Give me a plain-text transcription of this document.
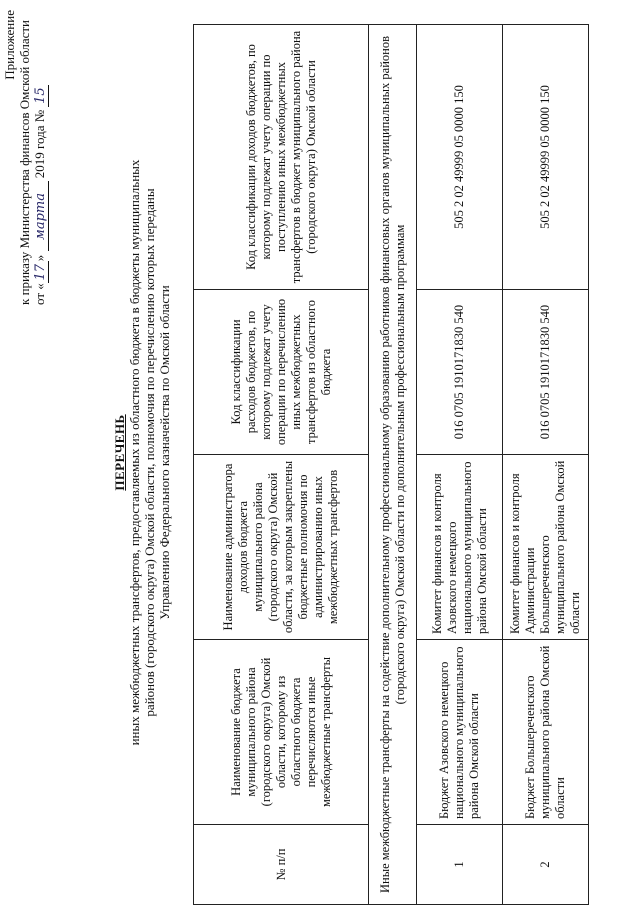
Приложение к приказу Министерства финансов Омской области от «17» марта 2019 года № 15
ПЕРЕЧЕНЬ иных межбюджетных трансфертов, предоставляемых из областного бюджета в бюджеты муниципальных районов (городского округа) Омской области, полномочия по перечислению которых переданы Управлению Федерального казначейства по Омской области
№ п/п	Наименование бюджета муниципального района (городского округа) Омской области, которому из областного бюджета перечисляются иные межбюджетные трансферты	Наименование администратора доходов бюджета муниципального района (городского округа) Омской области, за которым закреплены бюджетные полномочия по администрированию иных межбюджетных трансфертов	Код классификации расходов бюджетов, по которому подлежат учету операции по перечислению иных межбюджетных трансфертов из областного бюджета	Код классификации доходов бюджетов, по которому подлежат учету операции по поступлению иных межбюджетных трансфертов в бюджет муниципального района (городского округа) Омской области
Иные межбюджетные трансферты на содействие дополнительному профессиональному образованию работников финансовых органов муниципальных районов (городского округа) Омской области по дополнительным профессиональным программам				
1	Бюджет Азовского немецкого национального муниципального района Омской области	Комитет финансов и контроля Азовского немецкого национального муниципального района Омской области	016 0705 1910171830 540	505 2 02 49999 05 0000 150
2	Бюджет Большереченского муниципального района Омской области	Комитет финансов и контроля Администрации Большереченского муниципального района Омской области	016 0705 1910171830 540	505 2 02 49999 05 0000 150
